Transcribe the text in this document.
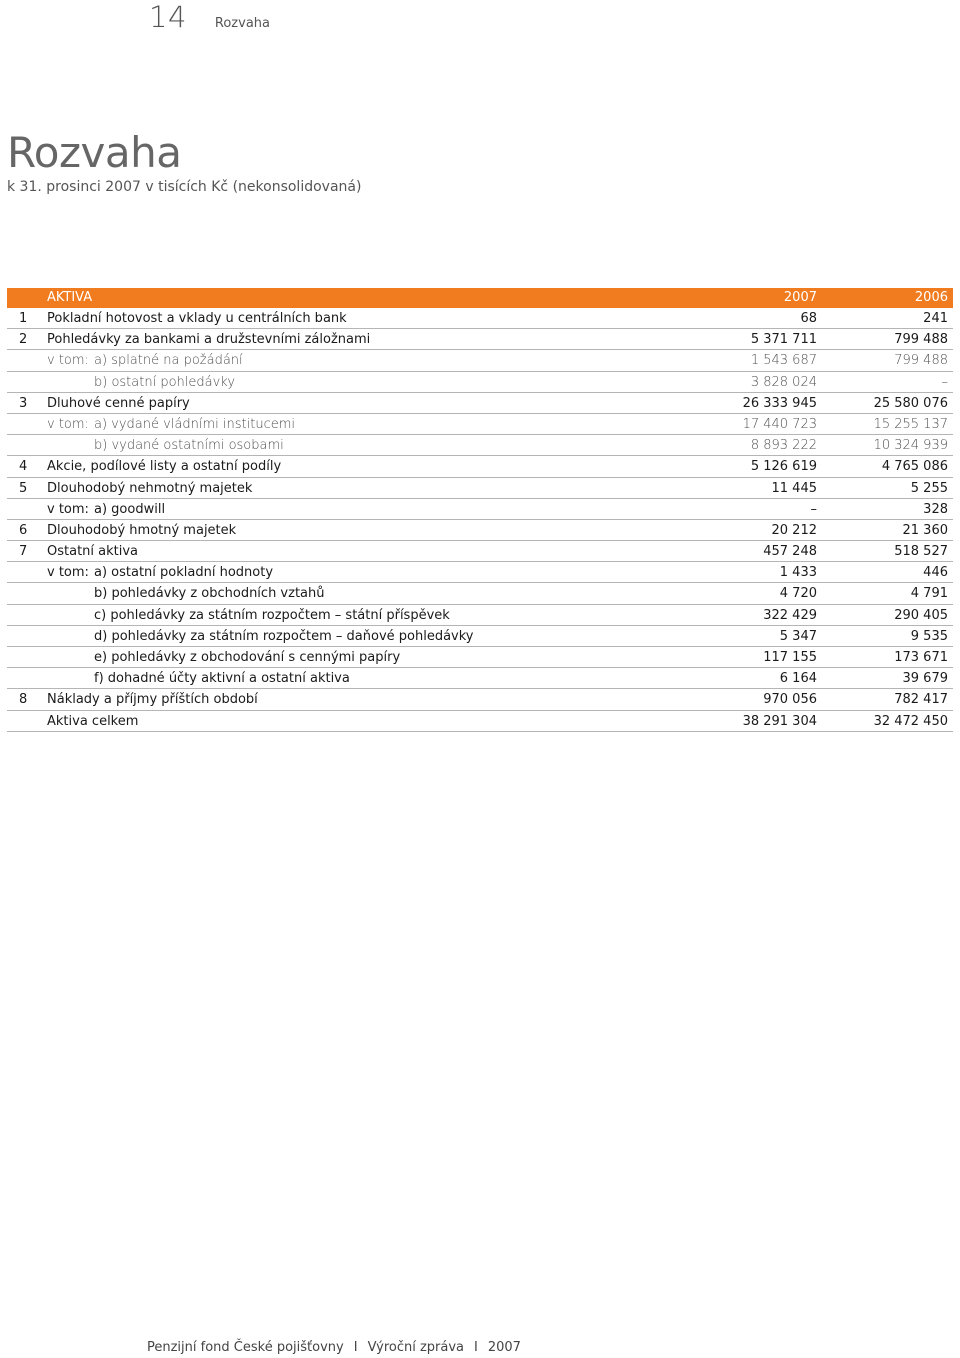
14 Rozvaha
Rozvaha
k 31. prosinci 2007 v tisících Kč (nekonsolidovaná)
AKTIVA	2007	2006
1 Pokladní hotovost a vklady u centrálních bank	68	241
2 Pohledávky za bankami a družstevními záložnami	5 371 711	799 488
v tom: a) splatné na požádání	1 543 687	799 488
b) ostatní pohledávky	3 828 024	–
3 Dluhové cenné papíry	26 333 945	25 580 076
v tom: a) vydané vládními institucemi	17 440 723	15 255 137
b) vydané ostatními osobami	8 893 222	10 324 939
4 Akcie, podílové listy a ostatní podíly	5 126 619	4 765 086
5 Dlouhodobý nehmotný majetek	11 445	5 255
v tom: a) goodwill	–	328
6 Dlouhodobý hmotný majetek	20 212	21 360
7 Ostatní aktiva	457 248	518 527
v tom: a) ostatní pokladní hodnoty	1 433	446
b) pohledávky z obchodních vztahů	4 720	4 791
c) pohledávky za státním rozpočtem – státní příspěvek	322 429	290 405
d) pohledávky za státním rozpočtem – daňové pohledávky	5 347	9 535
e) pohledávky z obchodování s cennými papíry	117 155	173 671
f) dohadné účty aktivní a ostatní aktiva	6 164	39 679
8 Náklady a příjmy příštích období	970 056	782 417
Aktiva celkem	38 291 304	32 472 450
Penzijní fond České pojišťovny I Výroční zpráva I 2007
